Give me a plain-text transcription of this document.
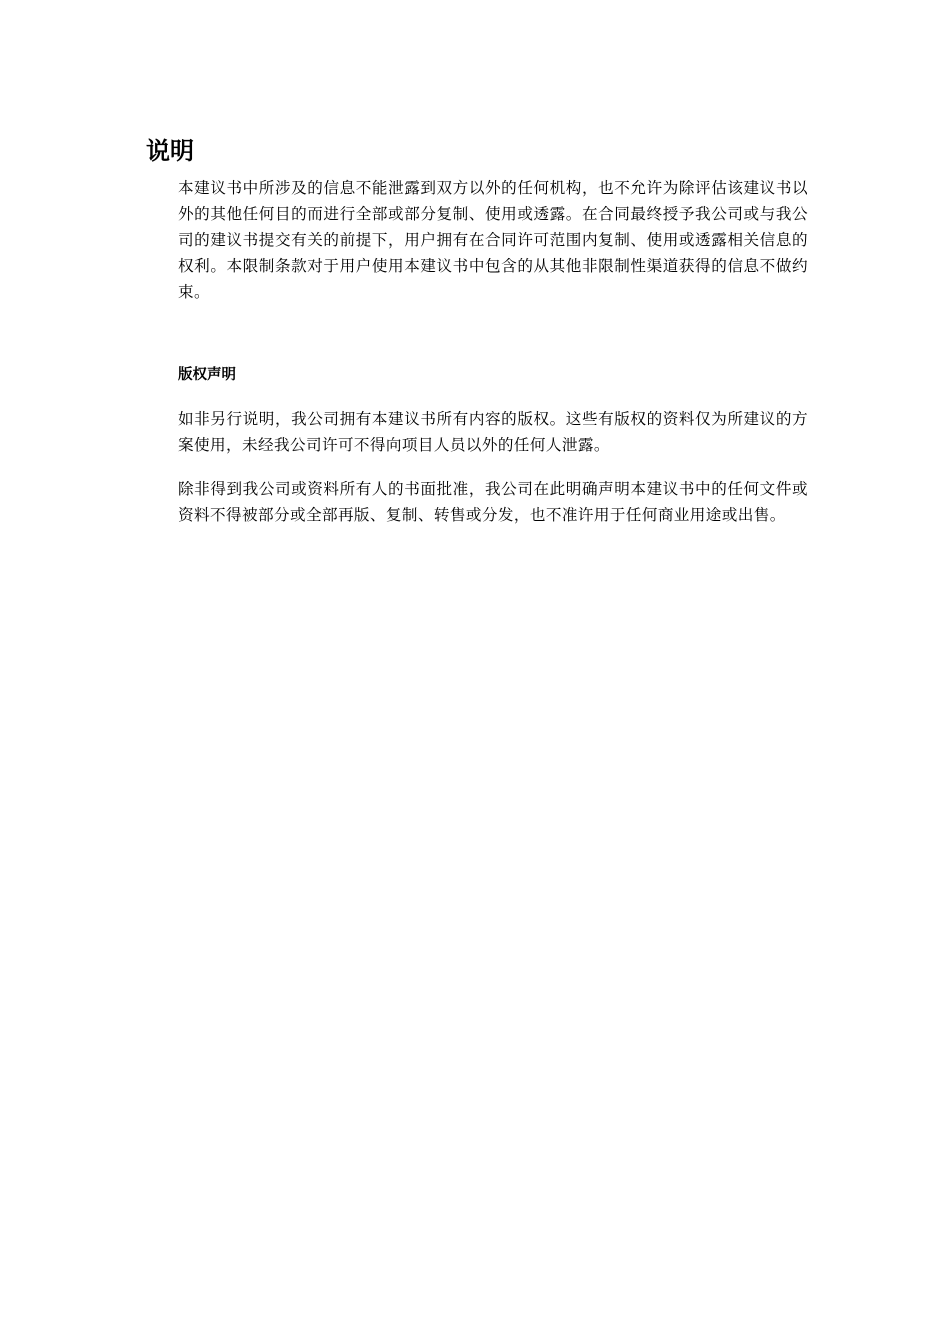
说明

本建议书中所涉及的信息不能泄露到双方以外的任何机构，也不允许为除评估该建议书以外的其他任何目的而进行全部或部分复制、使用或透露。在合同最终授予我公司或与我公司的建议书提交有关的前提下，用户拥有在合同许可范围内复制、使用或透露相关信息的权利。本限制条款对于用户使用本建议书中包含的从其他非限制性渠道获得的信息不做约束。

版权声明

如非另行说明，我公司拥有本建议书所有内容的版权。这些有版权的资料仅为所建议的方案使用，未经我公司许可不得向项目人员以外的任何人泄露。

除非得到我公司或资料所有人的书面批准，我公司在此明确声明本建议书中的任何文件或资料不得被部分或全部再版、复制、转售或分发，也不准许用于任何商业用途或出售。
